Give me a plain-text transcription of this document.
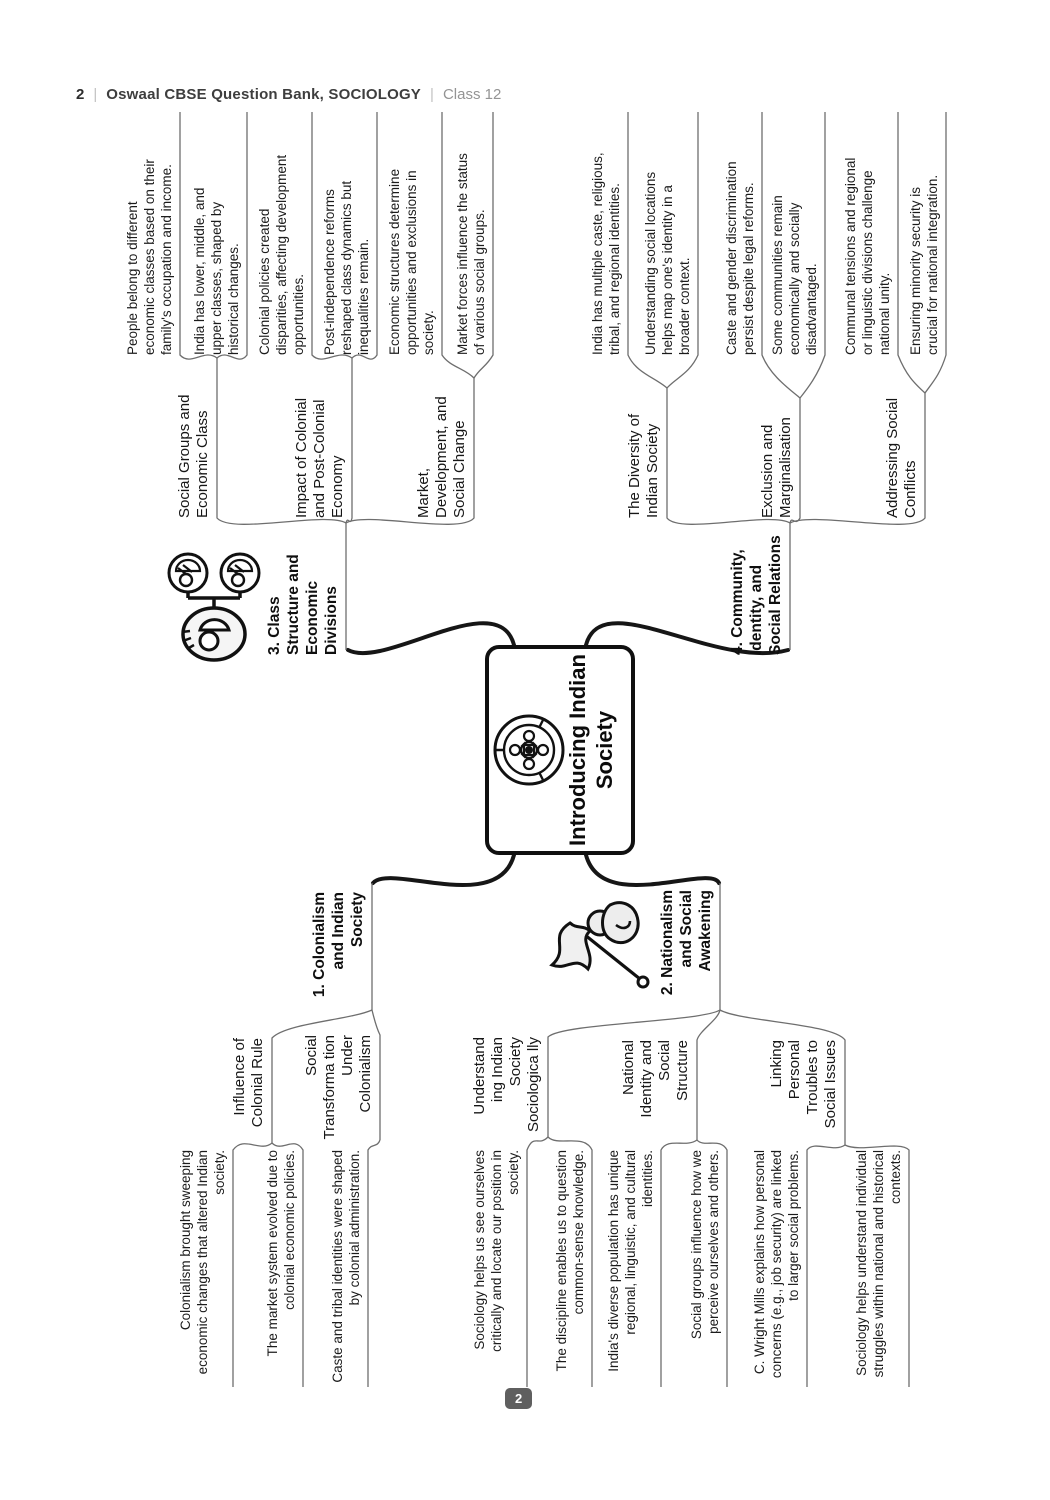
2 | Oswaal CBSE Question Bank, SOCIOLOGY | Class 12
Introducing Indian Society
1. Colonialism and Indian Society	2. Nationalism and Social Awakening
3. Class Structure and Economic Divisions	4. Community, Identity, and Social Relations
Influence of Colonial Rule Social Transforma tion Under Colonialism
Colonialism brought sweeping economic changes that altered Indian society.	The market system evolved due to colonial economic policies. Caste and tribal identities were shaped by colonial administration.
Understand ing Indian Society Sociologica lly	National Identity and Social Structure	Linking Personal Troubles to Social Issues
Sociology helps us see ourselves critically and locate our position in society. The discipline enables us to question common-sense knowledge. India's diverse population has unique regional, linguistic, and cultural identities.	Social groups influence how we perceive ourselves and others. C. Wright Mills explains how personal concerns (e.g., job security) are linked to larger social problems.	Sociology helps understand individual struggles within national and historical contexts.
Social Groups and Economic Class	Impact of Colonial and Post-Colonial Economy	Market, Development, and Social Change
People belong to different economic classes based on their family's occupation and income. India has lower, middle, and upper classes, shaped by historical changes. Colonial policies created disparities, affecting development opportunities. Post-independence reforms reshaped class dynamics but inequalities remain. Economic structures determine opportunities and exclusions in society. Market forces influence the status of various social groups.
The Diversity of Indian Society	Exclusion and Marginalisation	Addressing Social Conflicts
India has multiple caste, religious, tribal, and regional identities. Understanding social locations helps map one's identity in a broader context. Caste and gender discrimination persist despite legal reforms. Some communities remain economically and socially disadvantaged. Communal tensions and regional or linguistic divisions challenge national unity. Ensuring minority security is crucial for national integration.
2
